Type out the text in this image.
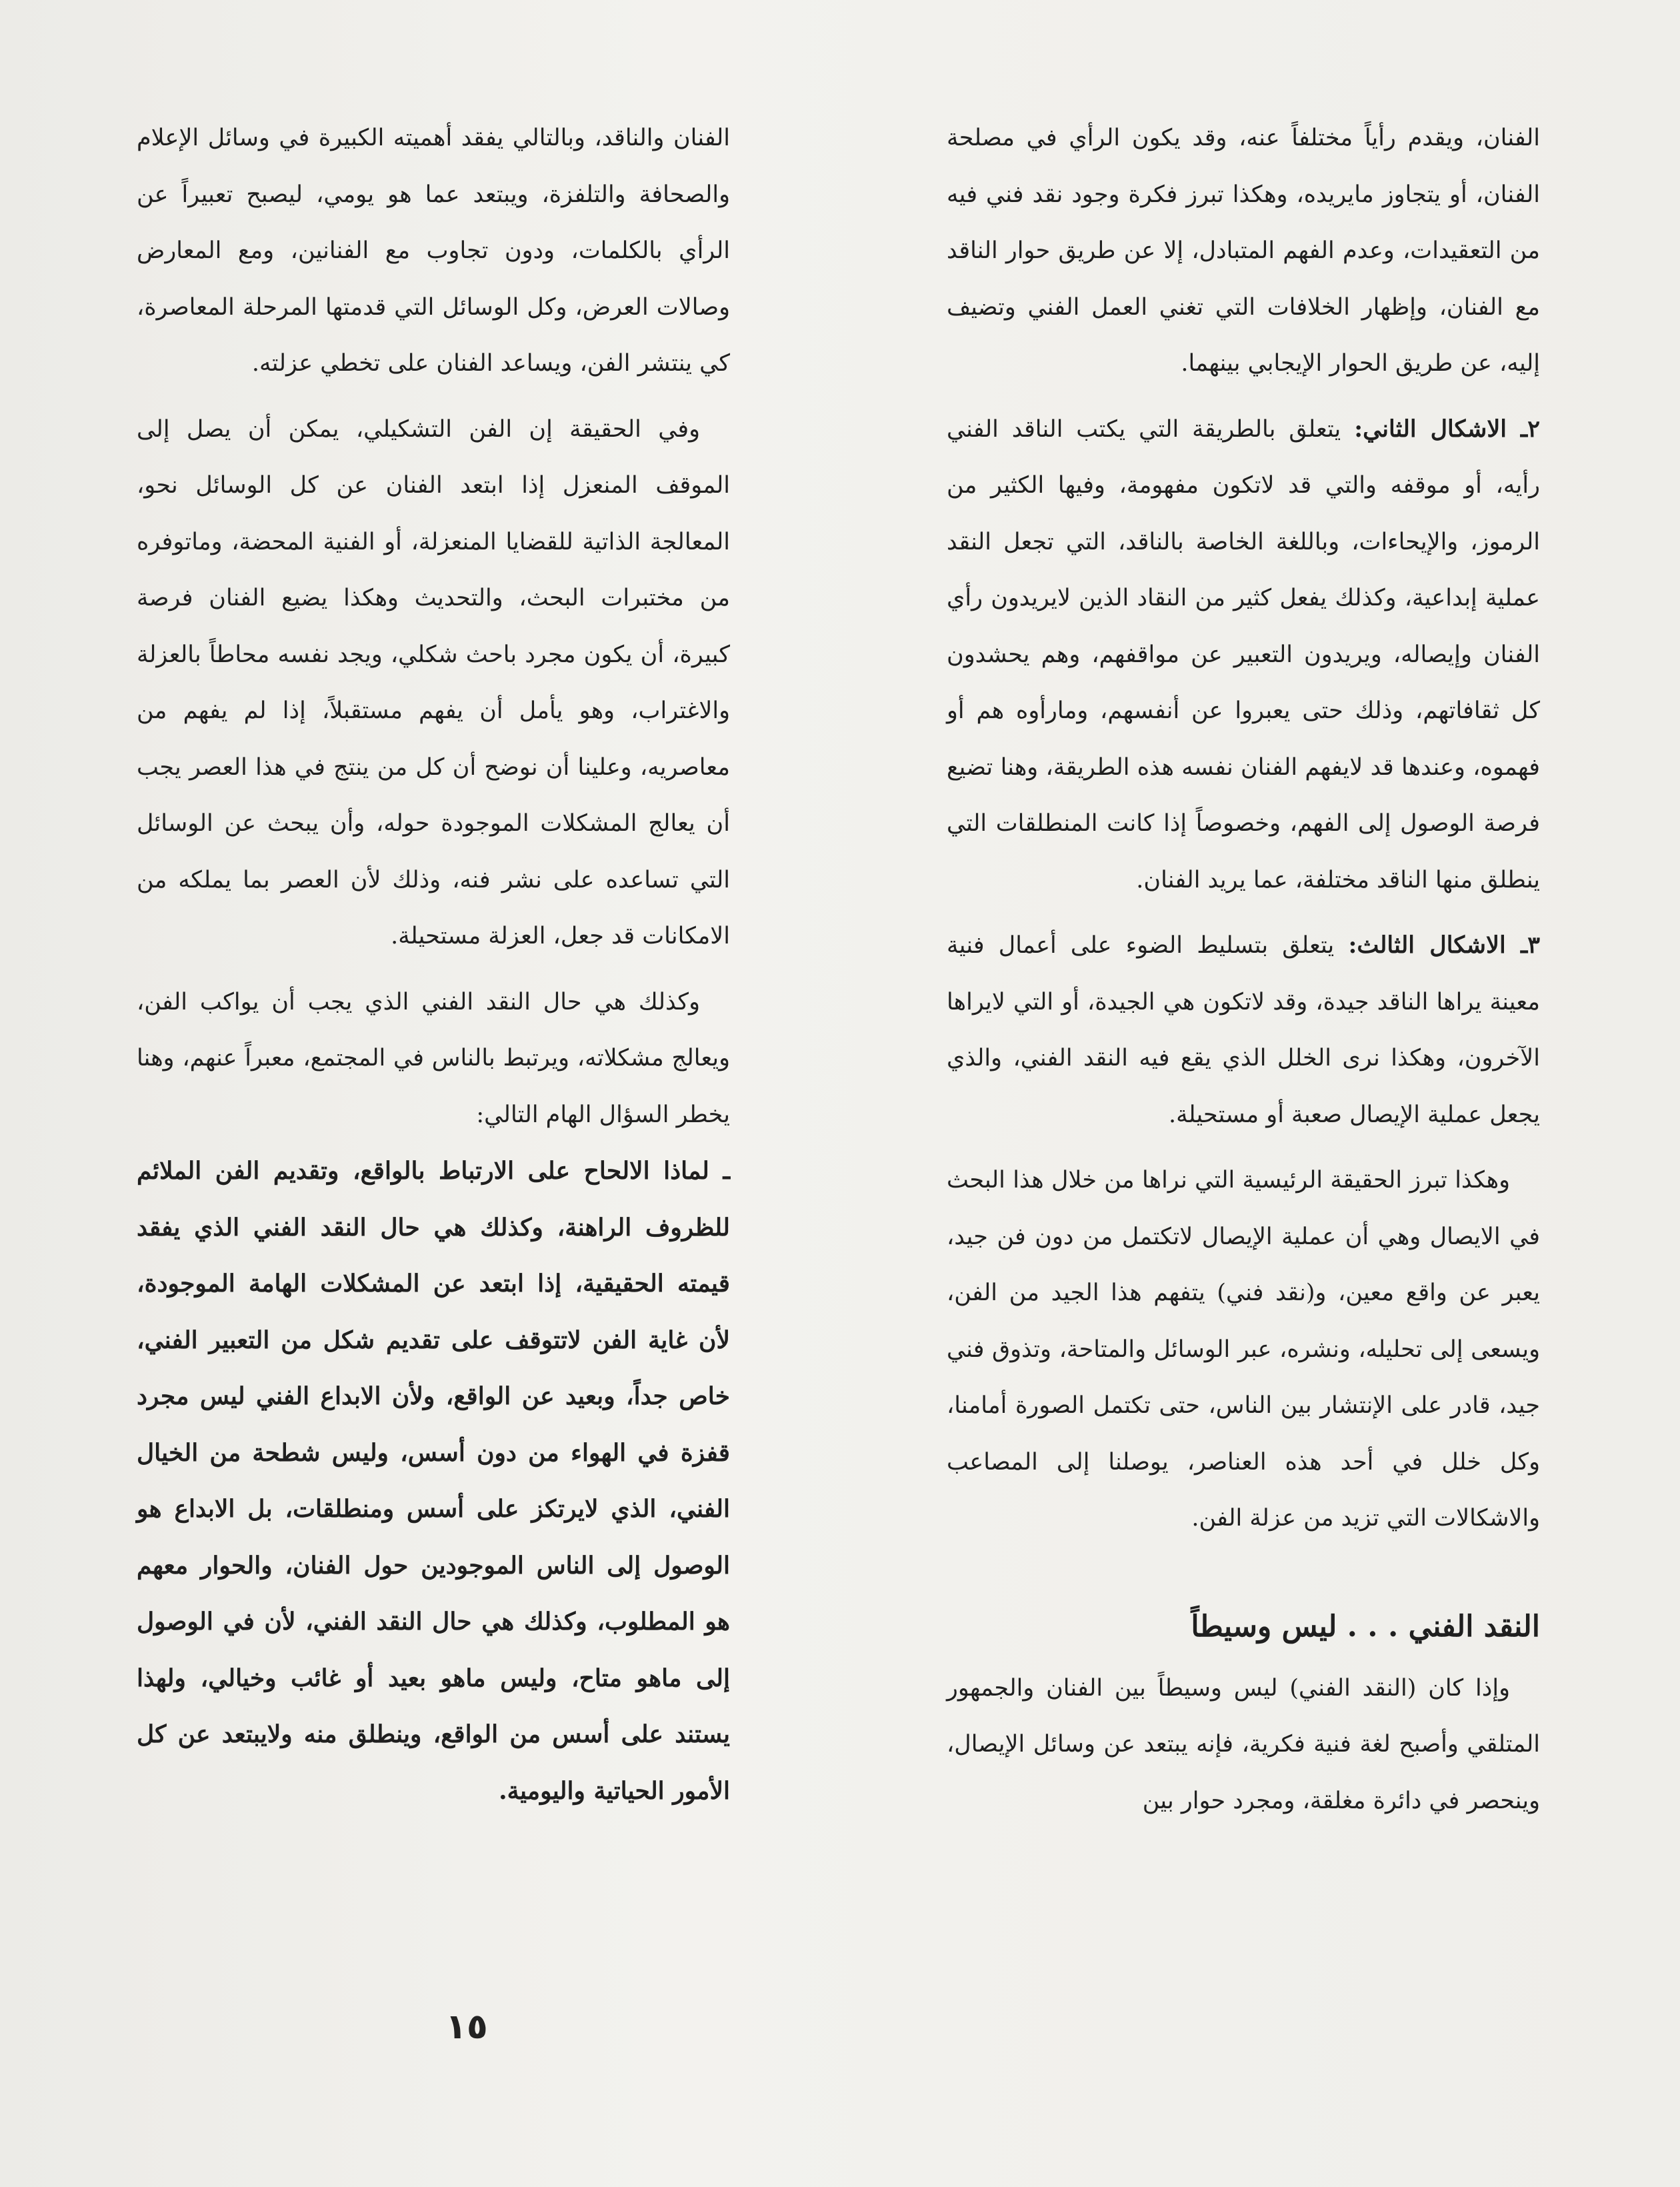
الفنان، ويقدم رأياً مختلفاً عنه، وقد يكون الرأي في مصلحة الفنان، أو يتجاوز مايريده، وهكذا تبرز فكرة وجود نقد فني فيه من التعقيدات، وعدم الفهم المتبادل، إلا عن طريق حوار الناقد مع الفنان، وإظهار الخلافات التي تغني العمل الفني وتضيف إليه، عن طريق الحوار الإيجابي بينهما.

٢ـ الاشكال الثاني: يتعلق بالطريقة التي يكتب الناقد الفني رأيه، أو موقفه والتي قد لاتكون مفهومة، وفيها الكثير من الرموز، والإيحاءات، وباللغة الخاصة بالناقد، التي تجعل النقد عملية إبداعية، وكذلك يفعل كثير من النقاد الذين لايريدون رأي الفنان وإيصاله، ويريدون التعبير عن مواقفهم، وهم يحشدون كل ثقافاتهم، وذلك حتى يعبروا عن أنفسهم، ومارأوه هم أو فهموه، وعندها قد لايفهم الفنان نفسه هذه الطريقة، وهنا تضيع فرصة الوصول إلى الفهم، وخصوصاً إذا كانت المنطلقات التي ينطلق منها الناقد مختلفة، عما يريد الفنان.

٣ـ الاشكال الثالث: يتعلق بتسليط الضوء على أعمال فنية معينة يراها الناقد جيدة، وقد لاتكون هي الجيدة، أو التي لايراها الآخرون، وهكذا نرى الخلل الذي يقع فيه النقد الفني، والذي يجعل عملية الإيصال صعبة أو مستحيلة.

وهكذا تبرز الحقيقة الرئيسية التي نراها من خلال هذا البحث في الايصال وهي أن عملية الإيصال لاتكتمل من دون فن جيد، يعبر عن واقع معين، و(نقد فني) يتفهم هذا الجيد من الفن، ويسعى إلى تحليله، ونشره، عبر الوسائل والمتاحة، وتذوق فني جيد، قادر على الإنتشار بين الناس، حتى تكتمل الصورة أمامنا، وكل خلل في أحد هذه العناصر، يوصلنا إلى المصاعب والاشكالات التي تزيد من عزلة الفن.

النقد الفني . . . ليس وسيطاً

وإذا كان (النقد الفني) ليس وسيطاً بين الفنان والجمهور المتلقي وأصبح لغة فنية فكرية، فإنه يبتعد عن وسائل الإيصال، وينحصر في دائرة مغلقة، ومجرد حوار بين

الفنان والناقد، وبالتالي يفقد أهميته الكبيرة في وسائل الإعلام والصحافة والتلفزة، ويبتعد عما هو يومي، ليصبح تعبيراً عن الرأي بالكلمات، ودون تجاوب مع الفنانين، ومع المعارض وصالات العرض، وكل الوسائل التي قدمتها المرحلة المعاصرة، كي ينتشر الفن، ويساعد الفنان على تخطي عزلته.

وفي الحقيقة إن الفن التشكيلي، يمكن أن يصل إلى الموقف المنعزل إذا ابتعد الفنان عن كل الوسائل نحو، المعالجة الذاتية للقضايا المنعزلة، أو الفنية المحضة، وماتوفره من مختبرات البحث، والتحديث وهكذا يضيع الفنان فرصة كبيرة، أن يكون مجرد باحث شكلي، ويجد نفسه محاطاً بالعزلة والاغتراب، وهو يأمل أن يفهم مستقبلاً، إذا لم يفهم من معاصريه، وعلينا أن نوضح أن كل من ينتج في هذا العصر يجب أن يعالج المشكلات الموجودة حوله، وأن يبحث عن الوسائل التي تساعده على نشر فنه، وذلك لأن العصر بما يملكه من الامكانات قد جعل، العزلة مستحيلة.

وكذلك هي حال النقد الفني الذي يجب أن يواكب الفن، ويعالج مشكلاته، ويرتبط بالناس في المجتمع، معبراً عنهم، وهنا يخطر السؤال الهام التالي:

ـ لماذا الالحاح على الارتباط بالواقع، وتقديم الفن الملائم للظروف الراهنة، وكذلك هي حال النقد الفني الذي يفقد قيمته الحقيقية، إذا ابتعد عن المشكلات الهامة الموجودة، لأن غاية الفن لاتتوقف على تقديم شكل من التعبير الفني، خاص جداً، وبعيد عن الواقع، ولأن الابداع الفني ليس مجرد قفزة في الهواء من دون أسس، وليس شطحة من الخيال الفني، الذي لايرتكز على أسس ومنطلقات، بل الابداع هو الوصول إلى الناس الموجودين حول الفنان، والحوار معهم هو المطلوب، وكذلك هي حال النقد الفني، لأن في الوصول إلى ماهو متاح، وليس ماهو بعيد أو غائب وخيالي، ولهذا يستند على أسس من الواقع، وينطلق منه ولايبتعد عن كل الأمور الحياتية واليومية.

١٥
